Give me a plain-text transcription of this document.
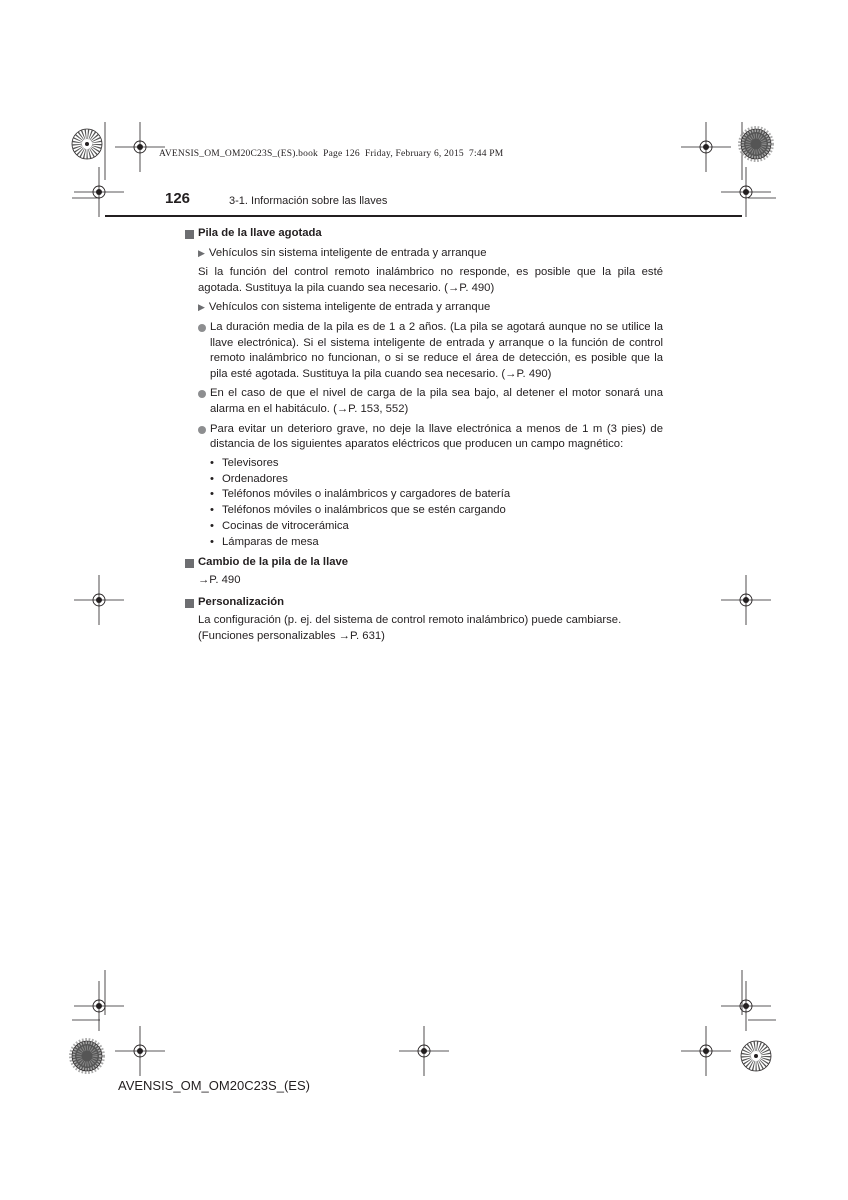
AVENSIS_OM_OM20C23S_(ES).book  Page 126  Friday, February 6, 2015  7:44 PM
126	3-1. Información sobre las llaves

Pila de la llave agotada

▶ Vehículos sin sistema inteligente de entrada y arranque

Si la función del control remoto inalámbrico no responde, es posible que la pila esté agotada. Sustituya la pila cuando sea necesario. (→P. 490)

▶ Vehículos con sistema inteligente de entrada y arranque

La duración media de la pila es de 1 a 2 años. (La pila se agotará aunque no se utilice la llave electrónica). Si el sistema inteligente de entrada y arranque o la función de control remoto inalámbrico no funcionan, o si se reduce el área de detección, es posible que la pila esté agotada. Sustituya la pila cuando sea necesario. (→P. 490)

En el caso de que el nivel de carga de la pila sea bajo, al detener el motor sonará una alarma en el habitáculo. (→P. 153, 552)

Para evitar un deterioro grave, no deje la llave electrónica a menos de 1 m (3 pies) de distancia de los siguientes aparatos eléctricos que producen un campo magnético:

• Televisores
• Ordenadores
• Teléfonos móviles o inalámbricos y cargadores de batería
• Teléfonos móviles o inalámbricos que se estén cargando
• Cocinas de vitrocerámica
• Lámparas de mesa

Cambio de la pila de la llave

→P. 490

Personalización

La configuración (p. ej. del sistema de control remoto inalámbrico) puede cambiarse. (Funciones personalizables →P. 631)

AVENSIS_OM_OM20C23S_(ES)
